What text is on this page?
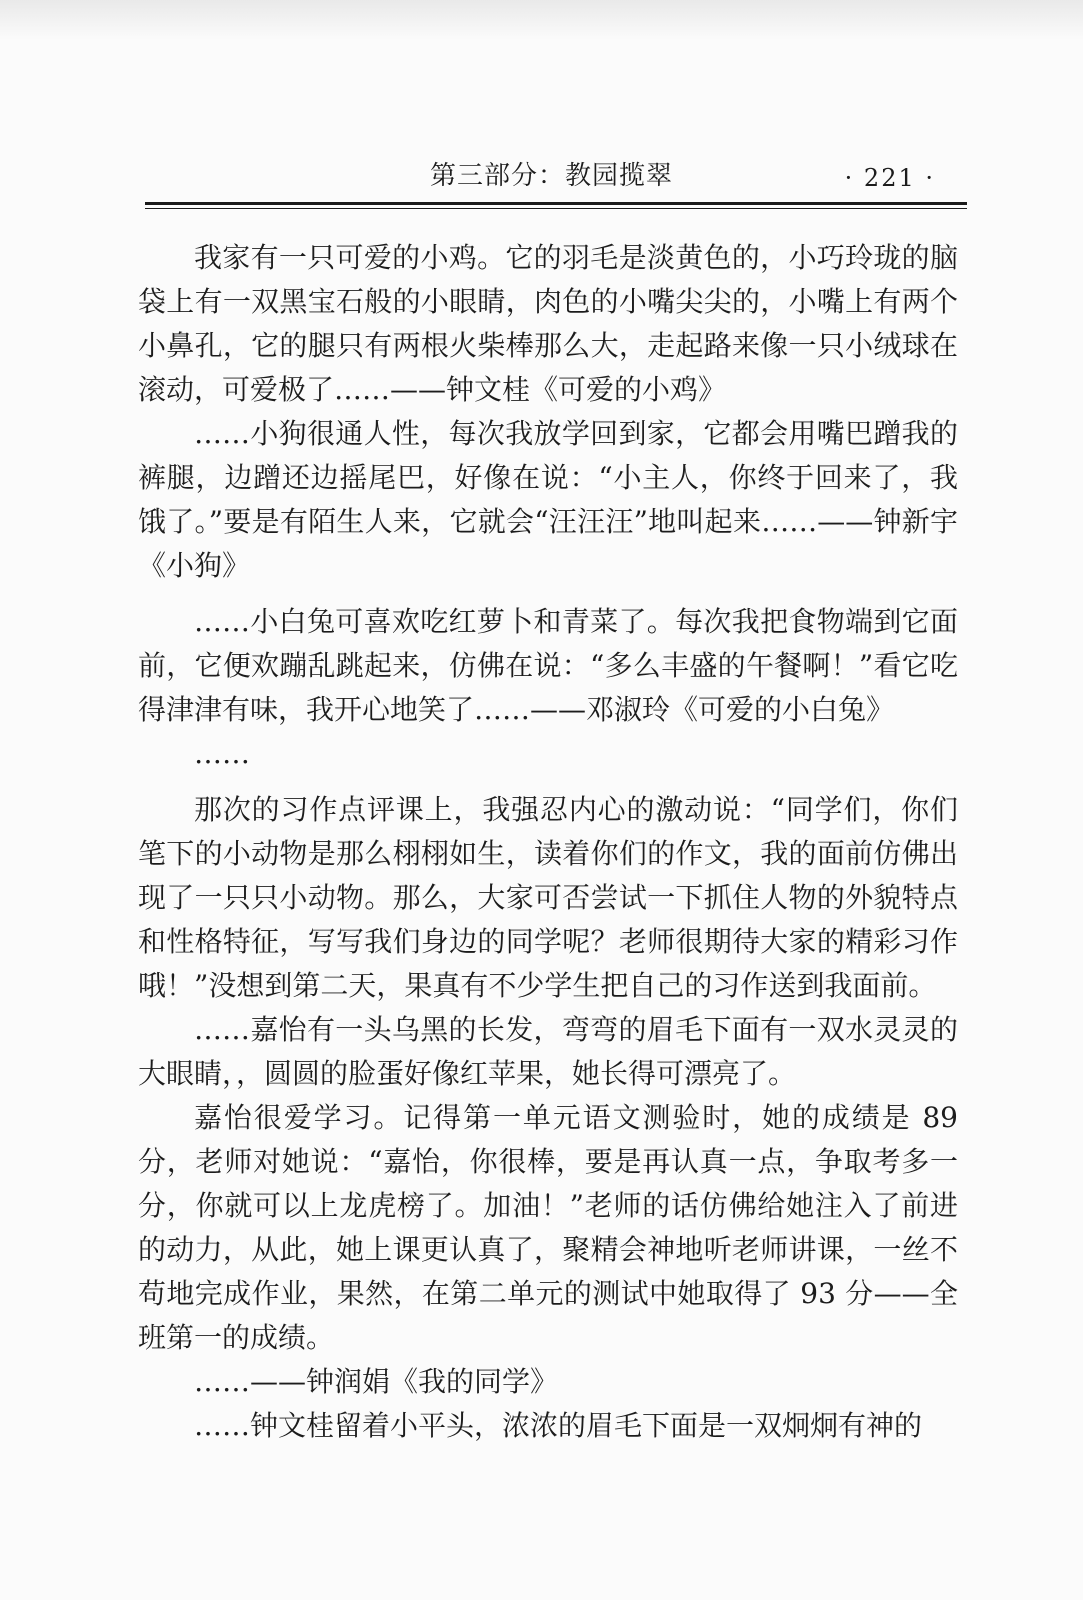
第三部分：教园揽翠	· 221 ·

我家有一只可爱的小鸡。它的羽毛是淡黄色的，小巧玲珑的脑袋上有一双黑宝石般的小眼睛，肉色的小嘴尖尖的，小嘴上有两个小鼻孔，它的腿只有两根火柴棒那么大，走起路来像一只小绒球在滚动，可爱极了……——钟文桂《可爱的小鸡》

……小狗很通人性，每次我放学回到家，它都会用嘴巴蹭我的裤腿，边蹭还边摇尾巴，好像在说：“小主人，你终于回来了，我饿了。”要是有陌生人来，它就会“汪汪汪”地叫起来……——钟新宇《小狗》

……小白兔可喜欢吃红萝卜和青菜了。每次我把食物端到它面前，它便欢蹦乱跳起来，仿佛在说：“多么丰盛的午餐啊！”看它吃得津津有味，我开心地笑了……——邓淑玲《可爱的小白兔》

……

那次的习作点评课上，我强忍内心的激动说：“同学们，你们笔下的小动物是那么栩栩如生，读着你们的作文，我的面前仿佛出现了一只只小动物。那么，大家可否尝试一下抓住人物的外貌特点和性格特征，写写我们身边的同学呢？老师很期待大家的精彩习作哦！”没想到第二天，果真有不少学生把自己的习作送到我面前。

……嘉怡有一头乌黑的长发，弯弯的眉毛下面有一双水灵灵的大眼睛，，圆圆的脸蛋好像红苹果，她长得可漂亮了。

嘉怡很爱学习。记得第一单元语文测验时，她的成绩是 89 分，老师对她说：“嘉怡，你很棒，要是再认真一点，争取考多一分，你就可以上龙虎榜了。加油！”老师的话仿佛给她注入了前进的动力，从此，她上课更认真了，聚精会神地听老师讲课，一丝不苟地完成作业，果然，在第二单元的测试中她取得了 93 分——全班第一的成绩。

……——钟润娟《我的同学》

……钟文桂留着小平头，浓浓的眉毛下面是一双炯炯有神的
